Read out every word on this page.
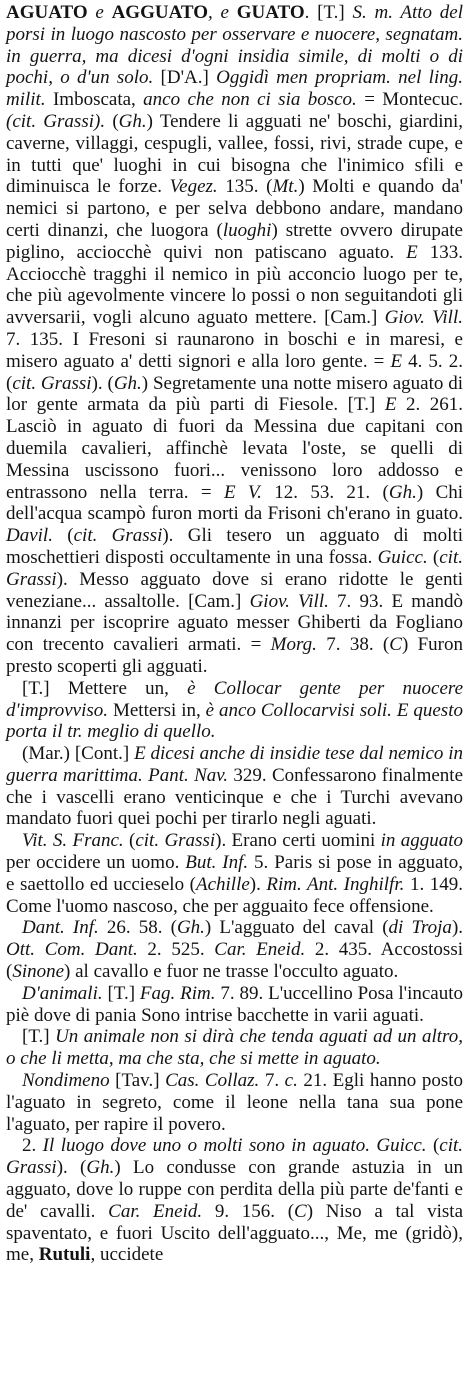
AGUATO e AGGUATO, e GUATO. [T.] S. m. Atto del porsi in luogo nascosto per osservare e nuocere, segnatam. in guerra, ma dicesi d'ogni insidia simile, di molti o di pochi, o d'un solo. [D'A.] Oggidì men propriam. nel ling. milit. Imboscata, anco che non ci sia bosco. = Montecuc. (cit. Grassi). (Gh.) Tendere li agguati ne' boschi, giardini, caverne, villaggi, cespugli, vallee, fossi, rivi, strade cupe, e in tutti que' luoghi in cui bisogna che l'inimico sfili e diminuisca le forze. Vegez. 135. (Mt.) Molti e quando da' nemici si partono, e per selva debbono andare, mandano certi dinanzi, che luogora (luoghi) strette ovvero dirupate piglino, acciocchè quivi non patiscano aguato. E 133. Acciocchè tragghi il nemico in più acconcio luogo per te, che più agevolmente vincere lo possi o non seguitandoti gli avversarii, vogli alcuno aguato mettere. [Cam.] Giov. Vill. 7. 135. I Fresoni si raunarono in boschi e in maresi, e misero aguato a' detti signori e alla loro gente. = E 4. 5. 2. (cit. Grassi). (Gh.) Segretamente una notte misero aguato di lor gente armata da più parti di Fiesole. [T.] E 2. 261. Lasciò in aguato di fuori da Messina due capitani con duemila cavalieri, affinchè levata l'oste, se quelli di Messina uscissono fuori... venissono loro addosso e entrassono nella terra. = E V. 12. 53. 21. (Gh.) Chi dell'acqua scampò furon morti da Frisoni ch'erano in guato. Davil. (cit. Grassi). Gli tesero un agguato di molti moschettieri disposti occultamente in una fossa. Guicc. (cit. Grassi). Messo agguato dove si erano ridotte le genti veneziane... assaltolle. [Cam.] Giov. Vill. 7. 93. E mandò innanzi per iscoprire aguato messer Ghiberti da Fogliano con trecento cavalieri armati. = Morg. 7. 38. (C) Furon presto scoperti gli agguati.

[T.] Mettere un, è Collocar gente per nuocere d'improvviso. Mettersi in, è anco Collocarvisi soli. E questo porta il tr. meglio di quello.

(Mar.) [Cont.] E dicesi anche di insidie tese dal nemico in guerra marittima. Pant. Nav. 329. Confessarono finalmente che i vascelli erano venticinque e che i Turchi avevano mandato fuori quei pochi per tirarlo negli aguati.

Vit. S. Franc. (cit. Grassi). Erano certi uomini in agguato per occidere un uomo. But. Inf. 5. Paris si pose in agguato, e saettollo ed uccieselo (Achille). Rim. Ant. Inghilfr. 1. 149. Come l'uomo nascoso, che per agguaito fece offensione.

Dant. Inf. 26. 58. (Gh.) L'agguato del caval (di Troja). Ott. Com. Dant. 2. 525. Car. Eneid. 2. 435. Accostossi (Sinone) al cavallo e fuor ne trasse l'occulto aguato.

D'animali. [T.] Fag. Rim. 7. 89. L'uccellino Posa l'incauto piè dove di pania Sono intrise bacchette in varii aguati.

[T.] Un animale non si dirà che tenda aguati ad un altro, o che li metta, ma che sta, che si mette in aguato.

Nondimeno [Tav.] Cas. Collaz. 7. c. 21. Egli hanno posto l'aguato in segreto, come il leone nella tana sua pone l'aguato, per rapire il povero.

2. Il luogo dove uno o molti sono in aguato. Guicc. (cit. Grassi). (Gh.) Lo condusse con grande astuzia in un agguato, dove lo ruppe con perdita della più parte de'fanti e de' cavalli. Car. Eneid. 9. 156. (C) Niso a tal vista spaventato, e fuori Uscito dell'agguato..., Me, me (gridò), me, Rutuli, uccidete
